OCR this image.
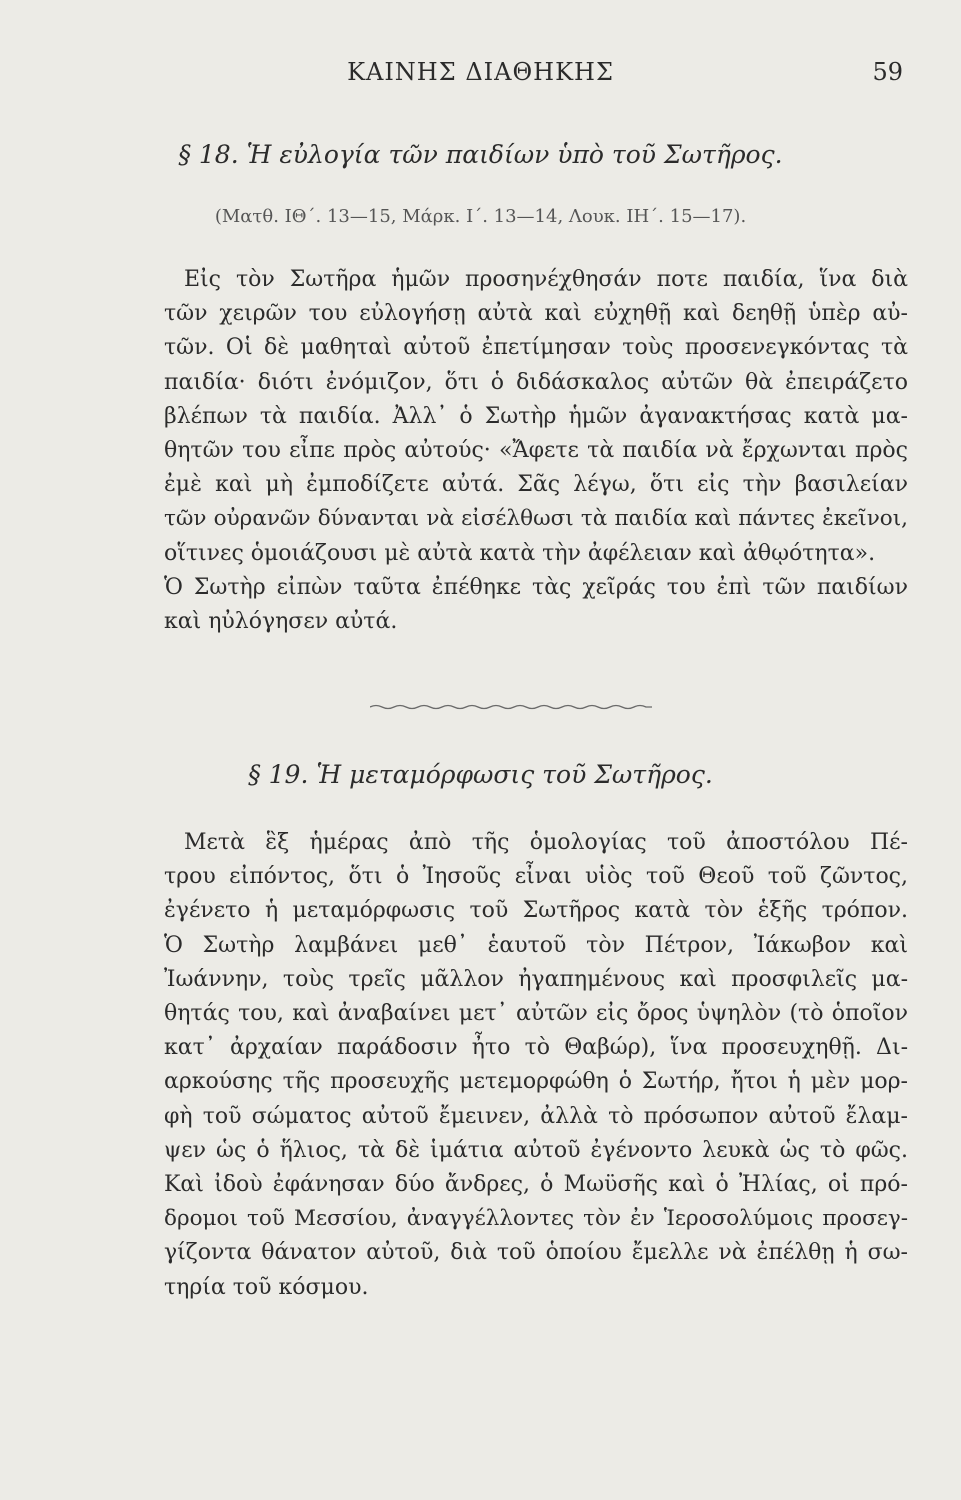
ΚΑΙΝΗΣ ΔΙΑΘΗΚΗΣ	59
§ 18. Ἡ εὐλογία τῶν παιδίων ὑπὸ τοῦ Σωτῆρος.
(Ματθ. ΙΘ΄. 13—15, Μάρκ. Ι΄. 13—14, Λουκ. ΙΗ΄. 15—17).
Εἰς τὸν Σωτῆρα ἡμῶν προσηνέχθησάν ποτε παιδία, ἵνα διὰ
τῶν χειρῶν του εὐλογήσῃ αὐτὰ καὶ εὐχηθῇ καὶ δεηθῇ ὑπὲρ αὐ-
τῶν. Οἱ δὲ μαθηταὶ αὐτοῦ ἐπετίμησαν τοὺς προσενεγκόντας τὰ
παιδία· διότι ἐνόμιζον, ὅτι ὁ διδάσκαλος αὐτῶν θὰ ἐπειράζετο
βλέπων τὰ παιδία. Ἀλλ᾿ ὁ Σωτὴρ ἡμῶν ἀγανακτήσας κατὰ μα-
θητῶν του εἶπε πρὸς αὐτούς· «Ἄφετε τὰ παιδία νὰ ἔρχωνται πρὸς
ἐμὲ καὶ μὴ ἐμποδίζετε αὐτά. Σᾶς λέγω, ὅτι εἰς τὴν βασιλείαν
τῶν οὐρανῶν δύνανται νὰ εἰσέλθωσι τὰ παιδία καὶ πάντες ἐκεῖνοι,
οἵτινες ὁμοιάζουσι μὲ αὐτὰ κατὰ τὴν ἀφέλειαν καὶ ἀθῳότητα».
Ὁ Σωτὴρ εἰπὼν ταῦτα ἐπέθηκε τὰς χεῖράς του ἐπὶ τῶν παιδίων
καὶ ηὐλόγησεν αὐτά.
§ 19. Ἡ μεταμόρφωσις τοῦ Σωτῆρος.
Μετὰ ἓξ ἡμέρας ἀπὸ τῆς ὁμολογίας τοῦ ἀποστόλου Πέ-
τρου εἰπόντος, ὅτι ὁ Ἰησοῦς εἶναι υἱὸς τοῦ Θεοῦ τοῦ ζῶντος,
ἐγένετο ἡ μεταμόρφωσις τοῦ Σωτῆρος κατὰ τὸν ἑξῆς τρόπον.
Ὁ Σωτὴρ λαμβάνει μεθ᾿ ἑαυτοῦ τὸν Πέτρον, Ἰάκωβον καὶ
Ἰωάννην, τοὺς τρεῖς μᾶλλον ἠγαπημένους καὶ προσφιλεῖς μα-
θητάς του, καὶ ἀναβαίνει μετ᾿ αὐτῶν εἰς ὄρος ὑψηλὸν (τὸ ὁποῖον
κατ᾿ ἀρχαίαν παράδοσιν ἦτο τὸ Θαβώρ), ἵνα προσευχηθῇ. Δι-
αρκούσης τῆς προσευχῆς μετεμορφώθη ὁ Σωτήρ, ἤτοι ἡ μὲν μορ-
φὴ τοῦ σώματος αὐτοῦ ἔμεινεν, ἀλλὰ τὸ πρόσωπον αὐτοῦ ἔλαμ-
ψεν ὡς ὁ ἥλιος, τὰ δὲ ἱμάτια αὐτοῦ ἐγένοντο λευκὰ ὡς τὸ φῶς.
Καὶ ἰδοὺ ἐφάνησαν δύο ἄνδρες, ὁ Μωϋσῆς καὶ ὁ Ἠλίας, οἱ πρό-
δρομοι τοῦ Μεσσίου, ἀναγγέλλοντες τὸν ἐν Ἱεροσολύμοις προσεγ-
γίζοντα θάνατον αὐτοῦ, διὰ τοῦ ὁποίου ἔμελλε νὰ ἐπέλθῃ ἡ σω-
τηρία τοῦ κόσμου.
